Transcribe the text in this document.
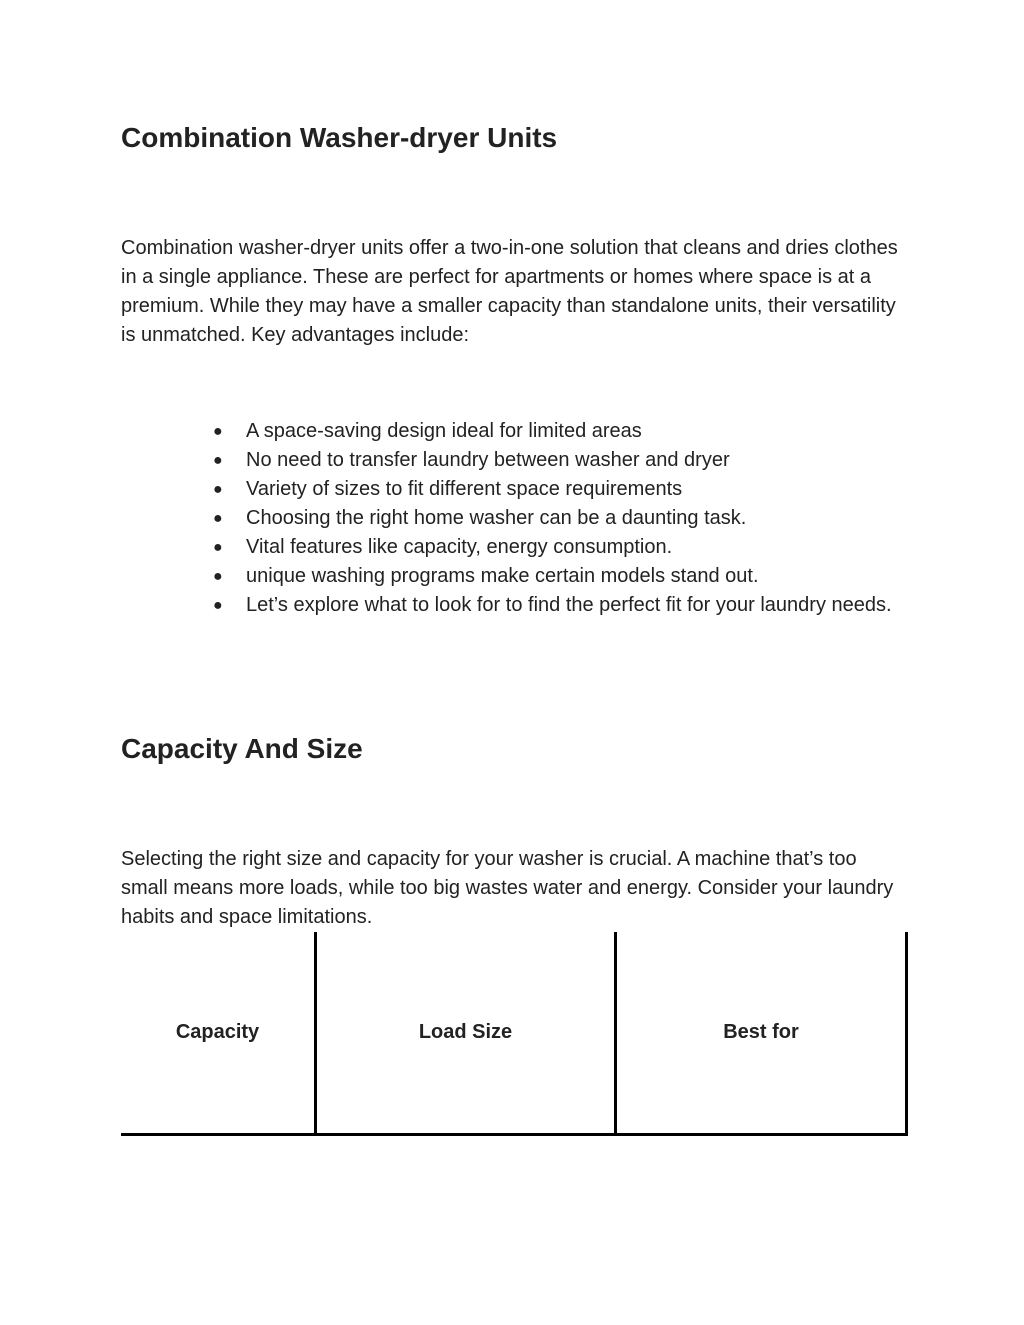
Combination Washer-dryer Units

Combination washer-dryer units offer a two-in-one solution that cleans and dries clothes in a single appliance. These are perfect for apartments or homes where space is at a premium. While they may have a smaller capacity than standalone units, their versatility is unmatched. Key advantages include:

● A space-saving design ideal for limited areas
● No need to transfer laundry between washer and dryer
● Variety of sizes to fit different space requirements
● Choosing the right home washer can be a daunting task.
● Vital features like capacity, energy consumption.
● unique washing programs make certain models stand out.
● Let’s explore what to look for to find the perfect fit for your laundry needs.
Capacity And Size

Selecting the right size and capacity for your washer is crucial. A machine that’s too small means more loads, while too big wastes water and energy. Consider your laundry habits and space limitations.

Capacity	Load Size	Best for
